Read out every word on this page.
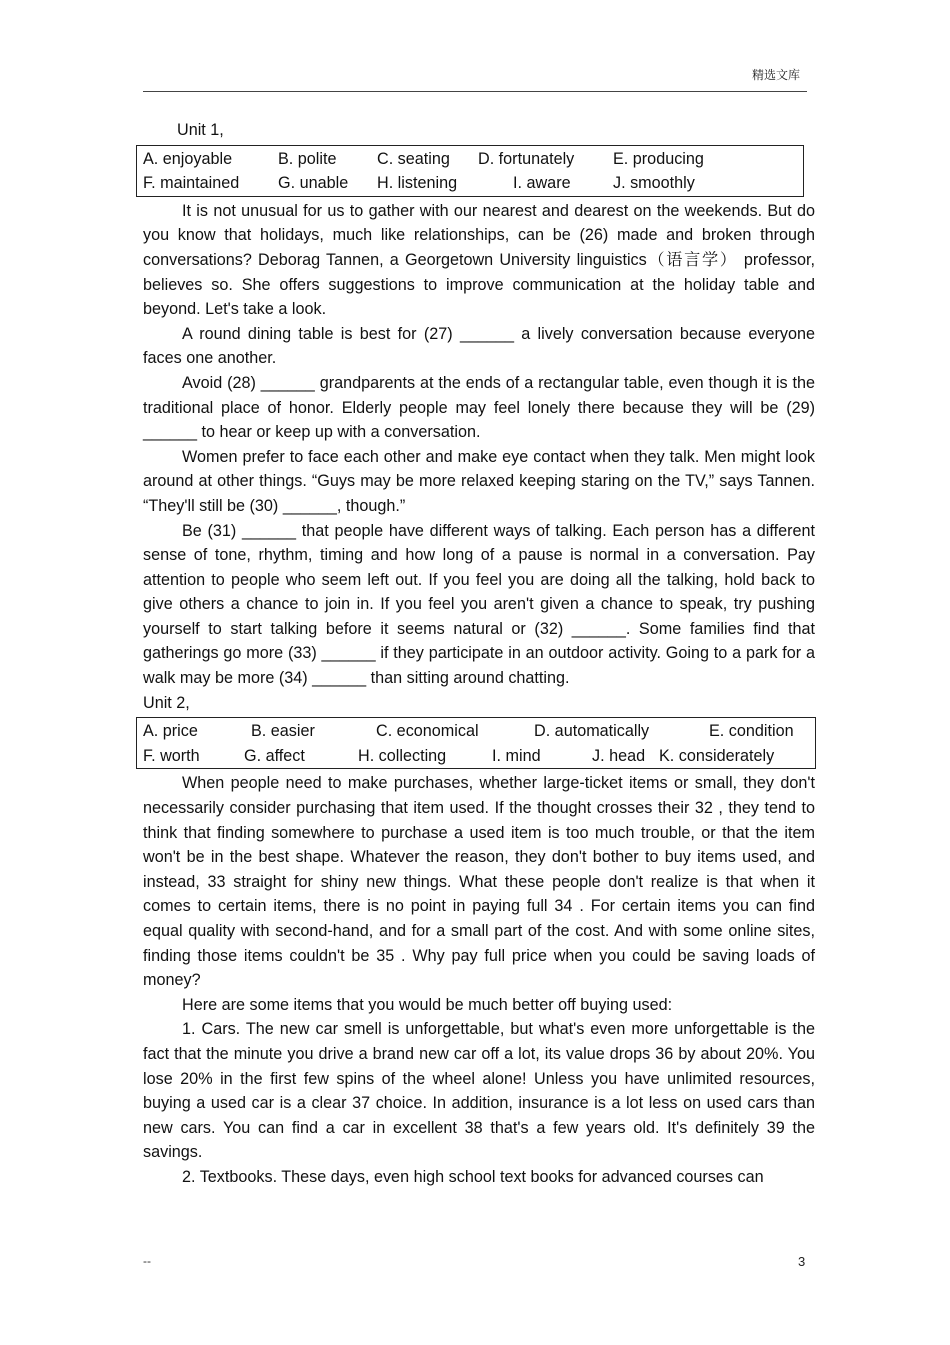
精选文库
Unit 1,
A. enjoyable	B. polite	C. seating	D. fortunately	E. producing
F. maintained	G. unable	H. listening	I. aware	J. smoothly

It is not unusual for us to gather with our nearest and dearest on the weekends. But do you know that holidays, much like relationships, can be (26) made and broken through conversations? Deborag Tannen, a Georgetown University linguistics（语言学） professor, believes so. She offers suggestions to improve communication at the holiday table and beyond. Let's take a look.

A round dining table is best for (27) ______ a lively conversation because everyone faces one another.

Avoid (28) ______ grandparents at the ends of a rectangular table, even though it is the traditional place of honor. Elderly people may feel lonely there because they will be (29) ______ to hear or keep up with a conversation.

Women prefer to face each other and make eye contact when they talk. Men might look around at other things. “Guys may be more relaxed keeping staring on the TV,” says Tannen. “They'll still be (30) ______, though.”

Be (31) ______ that people have different ways of talking. Each person has a different sense of tone, rhythm, timing and how long of a pause is normal in a conversation. Pay attention to people who seem left out. If you feel you are doing all the talking, hold back to give others a chance to join in. If you feel you aren't given a chance to speak, try pushing yourself to start talking before it seems natural or (32) ______. Some families find that gatherings go more (33) ______ if they participate in an outdoor activity. Going to a park for a walk may be more (34) ______ than sitting around chatting.

Unit 2,
A. price	B. easier	C. economical	D. automatically	E. condition
F. worth	G. affect	H. collecting	I. mind	J. head K. considerately

When people need to make purchases, whether large-ticket items or small, they don't necessarily consider purchasing that item used. If the thought crosses their 32 , they tend to think that finding somewhere to purchase a used item is too much trouble, or that the item won't be in the best shape. Whatever the reason, they don't bother to buy items used, and instead, 33 straight for shiny new things. What these people don't realize is that when it comes to certain items, there is no point in paying full 34 . For certain items you can find equal quality with second-hand, and for a small part of the cost. And with some online sites, finding those items couldn't be 35 . Why pay full price when you could be saving loads of money?

Here are some items that you would be much better off buying used:

1. Cars. The new car smell is unforgettable, but what's even more unforgettable is the fact that the minute you drive a brand new car off a lot, its value drops 36 by about 20%. You lose 20% in the first few spins of the wheel alone! Unless you have unlimited resources, buying a used car is a clear 37 choice. In addition, insurance is a lot less on used cars than new cars. You can find a car in excellent 38 that's a few years old. It's definitely 39 the savings.

2. Textbooks. These days, even high school text books for advanced courses can

--	3
